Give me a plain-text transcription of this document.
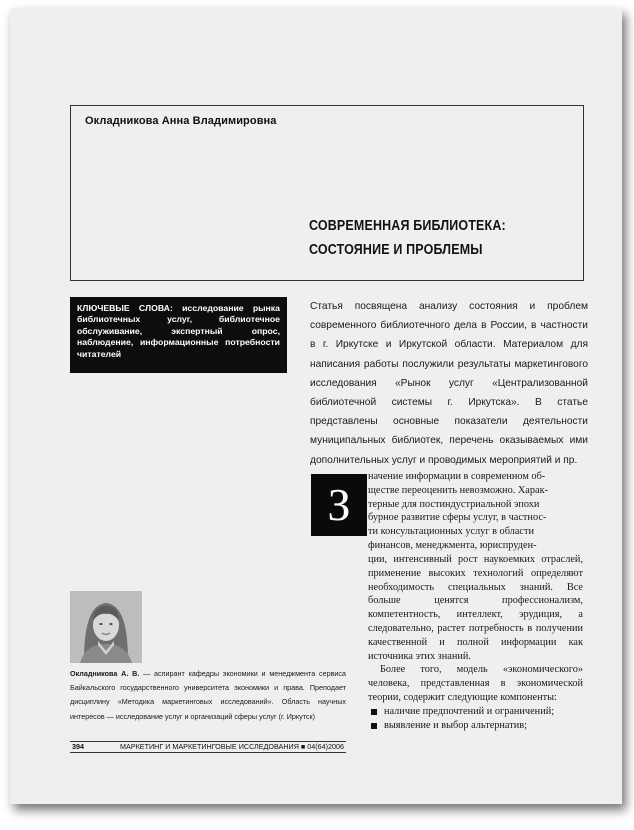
Окладникова Анна Владимировна
СОВРЕМЕННАЯ БИБЛИОТЕКА:
СОСТОЯНИЕ И ПРОБЛЕМЫ
КЛЮЧЕВЫЕ СЛОВА: исследование рынка библиотечных услуг, библиотечное обслуживание, экспертный опрос, наблюдение, информационные потребности читателей
Статья посвящена анализу состояния и проблем современного библиотечного дела в России, в частности в г. Иркутске и Иркутской области. Материалом для написания работы послужили результаты маркетингового исследования «Рынок услуг «Централизованной библиотечной системы г. Иркутска». В статье представлены основные показатели деятельности муниципальных библиотек, перечень оказываемых ими дополнительных услуг и проводимых мероприятий и пр.
З
начение информации в современном об-
ществе переоценить невозможно. Харак-
терные для постиндустриальной эпохи
бурное развитие сферы услуг, в частнос-
ти консультационных услуг в области
финансов, менеджмента, юриспруден-

ции, интенсивный рост наукоемких отраслей, применение высоких технологий определяют необходимость специальных знаний. Все больше ценятся профессионализм, компетентность, интеллект, эрудиция, а следовательно, растет потребность в получении качественной и полной информации как источника этих знаний.

Более того, модель «экономического» человека, представленная в экономической теории, содержит следующие компоненты:

наличие предпочтений и ограничений;
выявление и выбор альтернатив;
Окладникова А. В. — аспирант кафедры экономики и менеджмента сервиса Байкальского государственного университета экономики и права. Преподает дисциплину «Методика маркетинговых исследований». Область научных интересов — исследование услуг и организаций сферы услуг (г. Иркутск)
394	МАРКЕТИНГ И МАРКЕТИНГОВЫЕ ИССЛЕДОВАНИЯ ■ 04(64)2006
